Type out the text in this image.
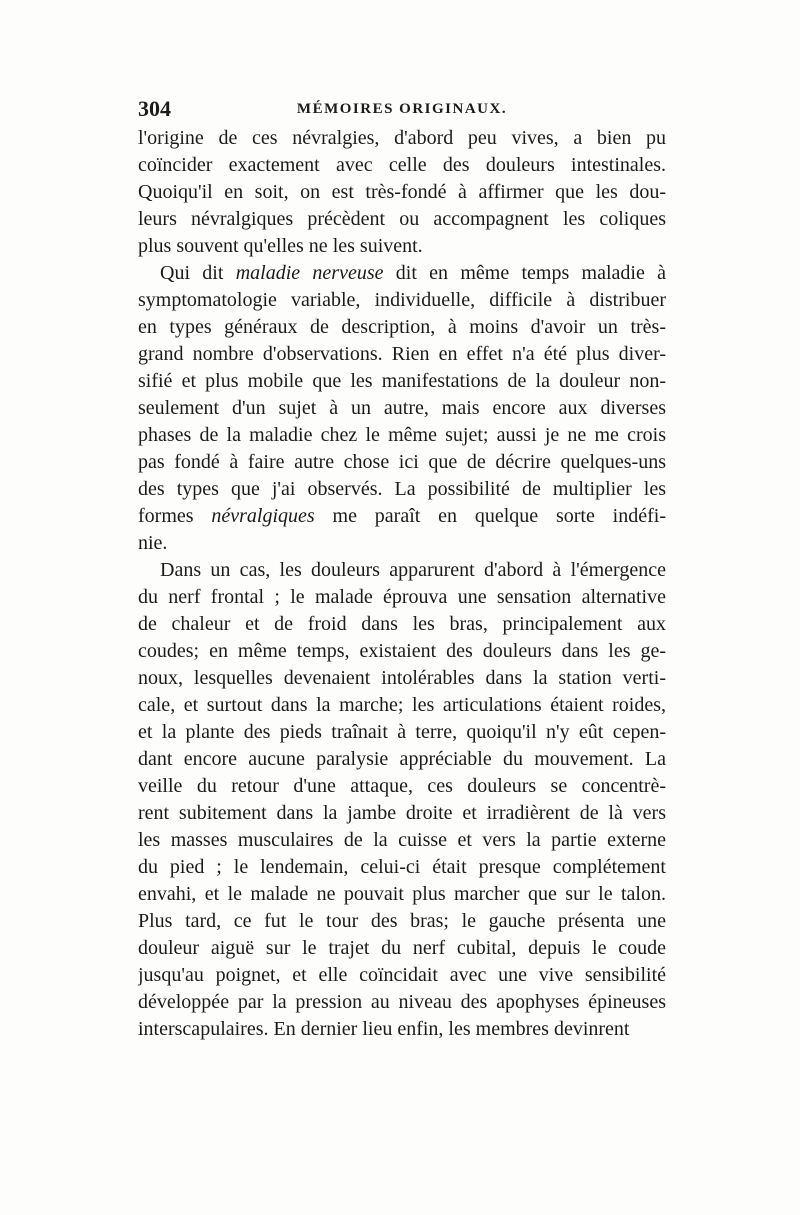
304	MÉMOIRES ORIGINAUX.
l'origine de ces névralgies, d'abord peu vives, a bien pu
coïncider exactement avec celle des douleurs intestinales.
Quoiqu'il en soit, on est très-fondé à affirmer que les dou-
leurs névralgiques précèdent ou accompagnent les coliques
plus souvent qu'elles ne les suivent.
Qui dit maladie nerveuse dit en même temps maladie à
symptomatologie variable, individuelle, difficile à distribuer
en types généraux de description, à moins d'avoir un très-
grand nombre d'observations. Rien en effet n'a été plus diver-
sifié et plus mobile que les manifestations de la douleur non-
seulement d'un sujet à un autre, mais encore aux diverses
phases de la maladie chez le même sujet; aussi je ne me crois
pas fondé à faire autre chose ici que de décrire quelques-uns
des types que j'ai observés. La possibilité de multiplier les
formes névralgiques me paraît en quelque sorte indéfi-
nie.
Dans un cas, les douleurs apparurent d'abord à l'émergence
du nerf frontal ; le malade éprouva une sensation alternative
de chaleur et de froid dans les bras, principalement aux
coudes; en même temps, existaient des douleurs dans les ge-
noux, lesquelles devenaient intolérables dans la station verti-
cale, et surtout dans la marche; les articulations étaient roides,
et la plante des pieds traînait à terre, quoiqu'il n'y eût cepen-
dant encore aucune paralysie appréciable du mouvement. La
veille du retour d'une attaque, ces douleurs se concentrè-
rent subitement dans la jambe droite et irradièrent de là vers
les masses musculaires de la cuisse et vers la partie externe
du pied ; le lendemain, celui-ci était presque complétement
envahi, et le malade ne pouvait plus marcher que sur le talon.
Plus tard, ce fut le tour des bras; le gauche présenta une
douleur aiguë sur le trajet du nerf cubital, depuis le coude
jusqu'au poignet, et elle coïncidait avec une vive sensibilité
développée par la pression au niveau des apophyses épineuses
interscapulaires. En dernier lieu enfin, les membres devinrent
